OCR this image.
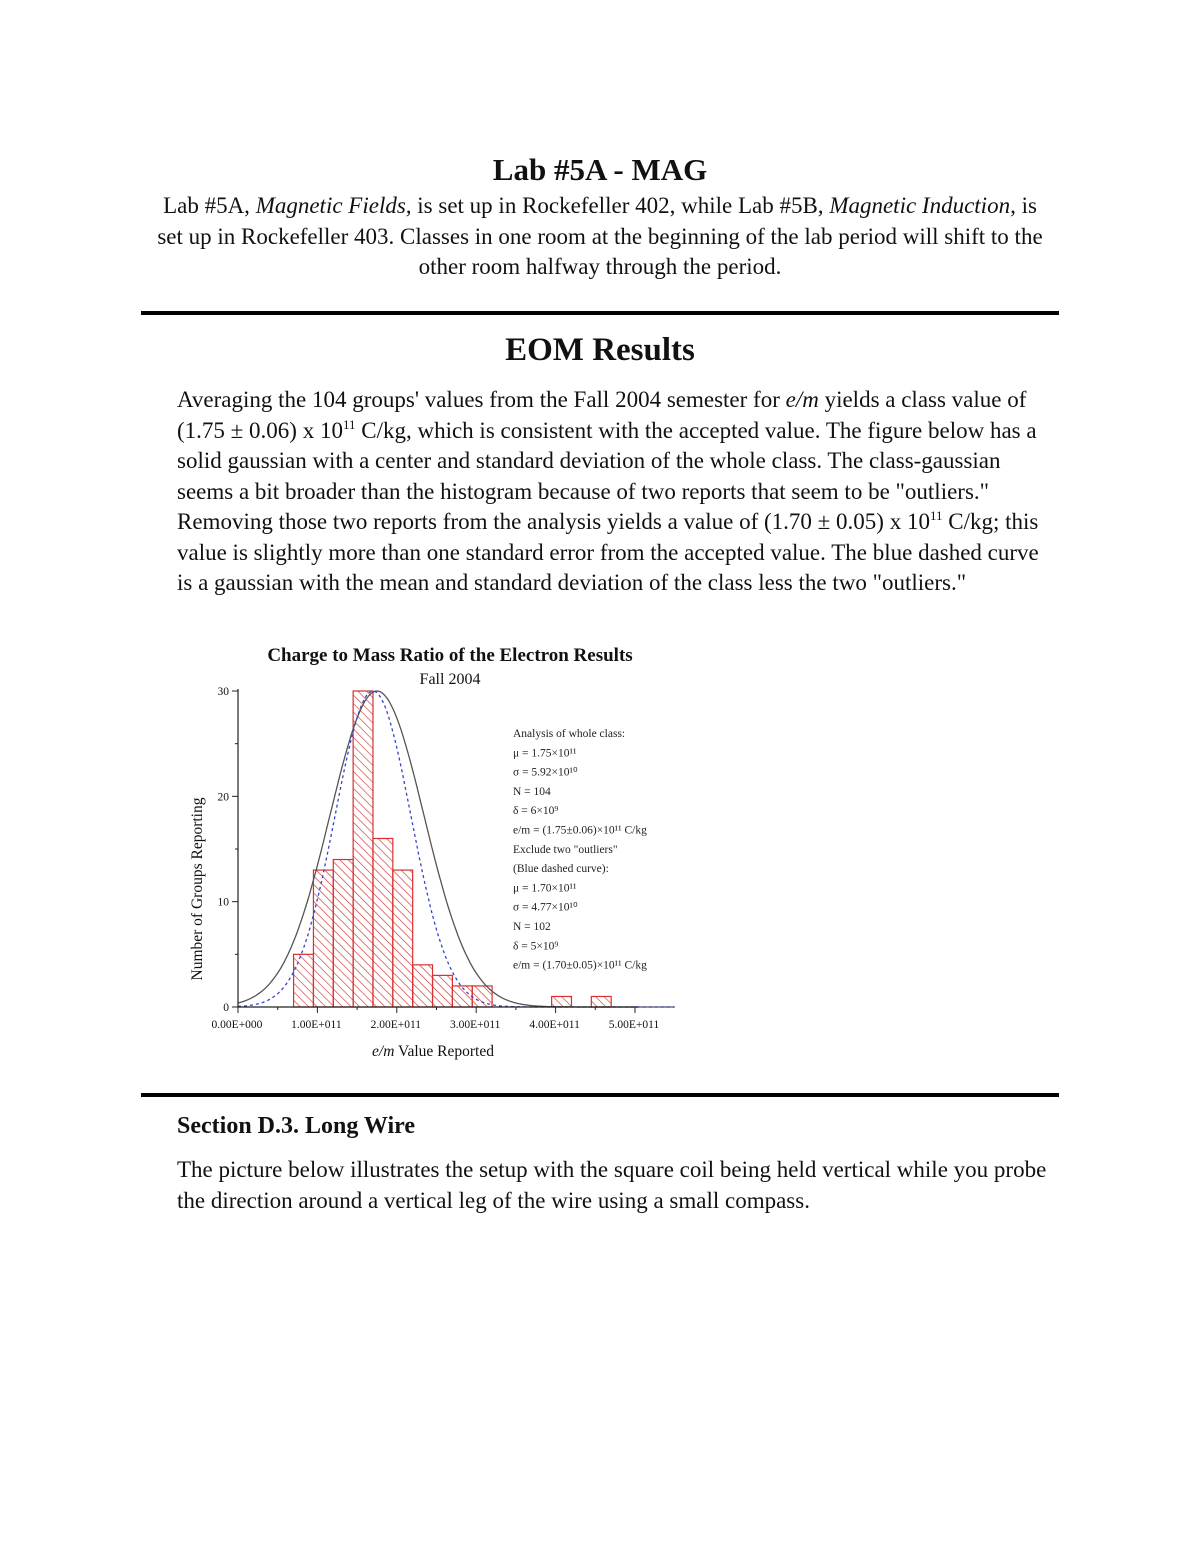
Lab #5A - MAG
Lab #5A, Magnetic Fields, is set up in Rockefeller 402, while Lab #5B, Magnetic Induction, is set up in Rockefeller 403. Classes in one room at the beginning of the lab period will shift to the other room halfway through the period.
EOM Results
Averaging the 104 groups' values from the Fall 2004 semester for e/m yields a class value of (1.75 ± 0.06) x $10^{11}$ C/kg, which is consistent with the accepted value. The figure below has a solid gaussian with a center and standard deviation of the whole class. The class-gaussian seems a bit broader than the histogram because of two reports that seem to be "outliers." Removing those two reports from the analysis yields a value of (1.70 ± 0.05) x $10^{11}$ C/kg; this value is slightly more than one standard error from the accepted value. The blue dashed curve is a gaussian with the mean and standard deviation of the class less the two "outliers."
Charge to Mass Ratio of the Electron Results
Fall 2004
0
10
20
30
0.00E+000 1.00E+011	2.00E+011	3.00E+011	4.00E+011	5.00E+011
Number of Groups Reporting
e/m Value Reported
Analysis of whole class:
μ = 1.75×10¹¹
σ = 5.92×10¹⁰
N = 104
δ = 6×10⁹
e/m = (1.75±0.06)×10¹¹ C/kg
Exclude two "outliers"
(Blue dashed curve):
μ = 1.70×10¹¹
σ = 4.77×10¹⁰
N = 102
δ = 5×10⁹
e/m = (1.70±0.05)×10¹¹ C/kg
Section D.3. Long Wire
The picture below illustrates the setup with the square coil being held vertical while you probe the direction around a vertical leg of the wire using a small compass.
